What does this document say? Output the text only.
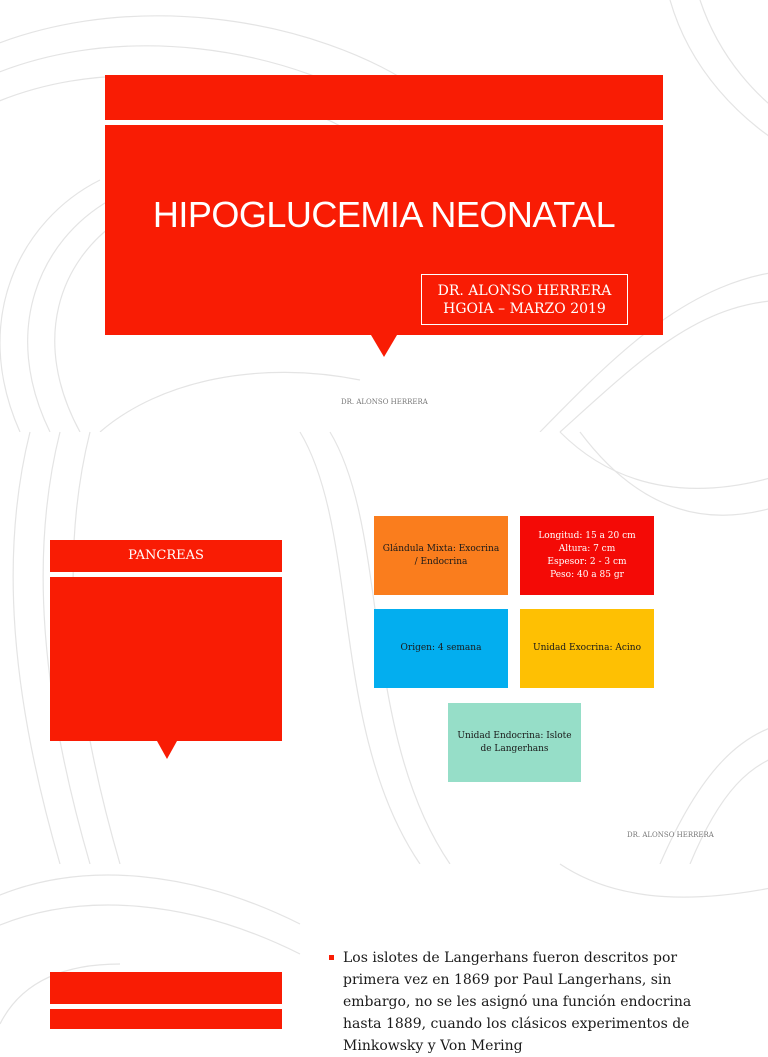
HIPOGLUCEMIA NEONATAL
DR. ALONSO HERRERA
HGOIA – MARZO 2019
DR. ALONSO HERRERA
PANCREAS	Glándula Mixta: Exocrina / Endocrina
Longitud: 15 a 20 cm
Altura: 7 cm
Espesor: 2 - 3 cm
Peso: 40 a 85 gr
Origen: 4 semana	Unidad Exocrina: Acino
Unidad Endocrina: Islote de Langerhans
DR. ALONSO HERRERA
Los islotes de Langerhans fueron descritos por primera vez en 1869 por Paul Langerhans, sin embargo, no se les asignó una función endocrina hasta 1889, cuando los clásicos experimentos de Minkowsky y Von Mering
